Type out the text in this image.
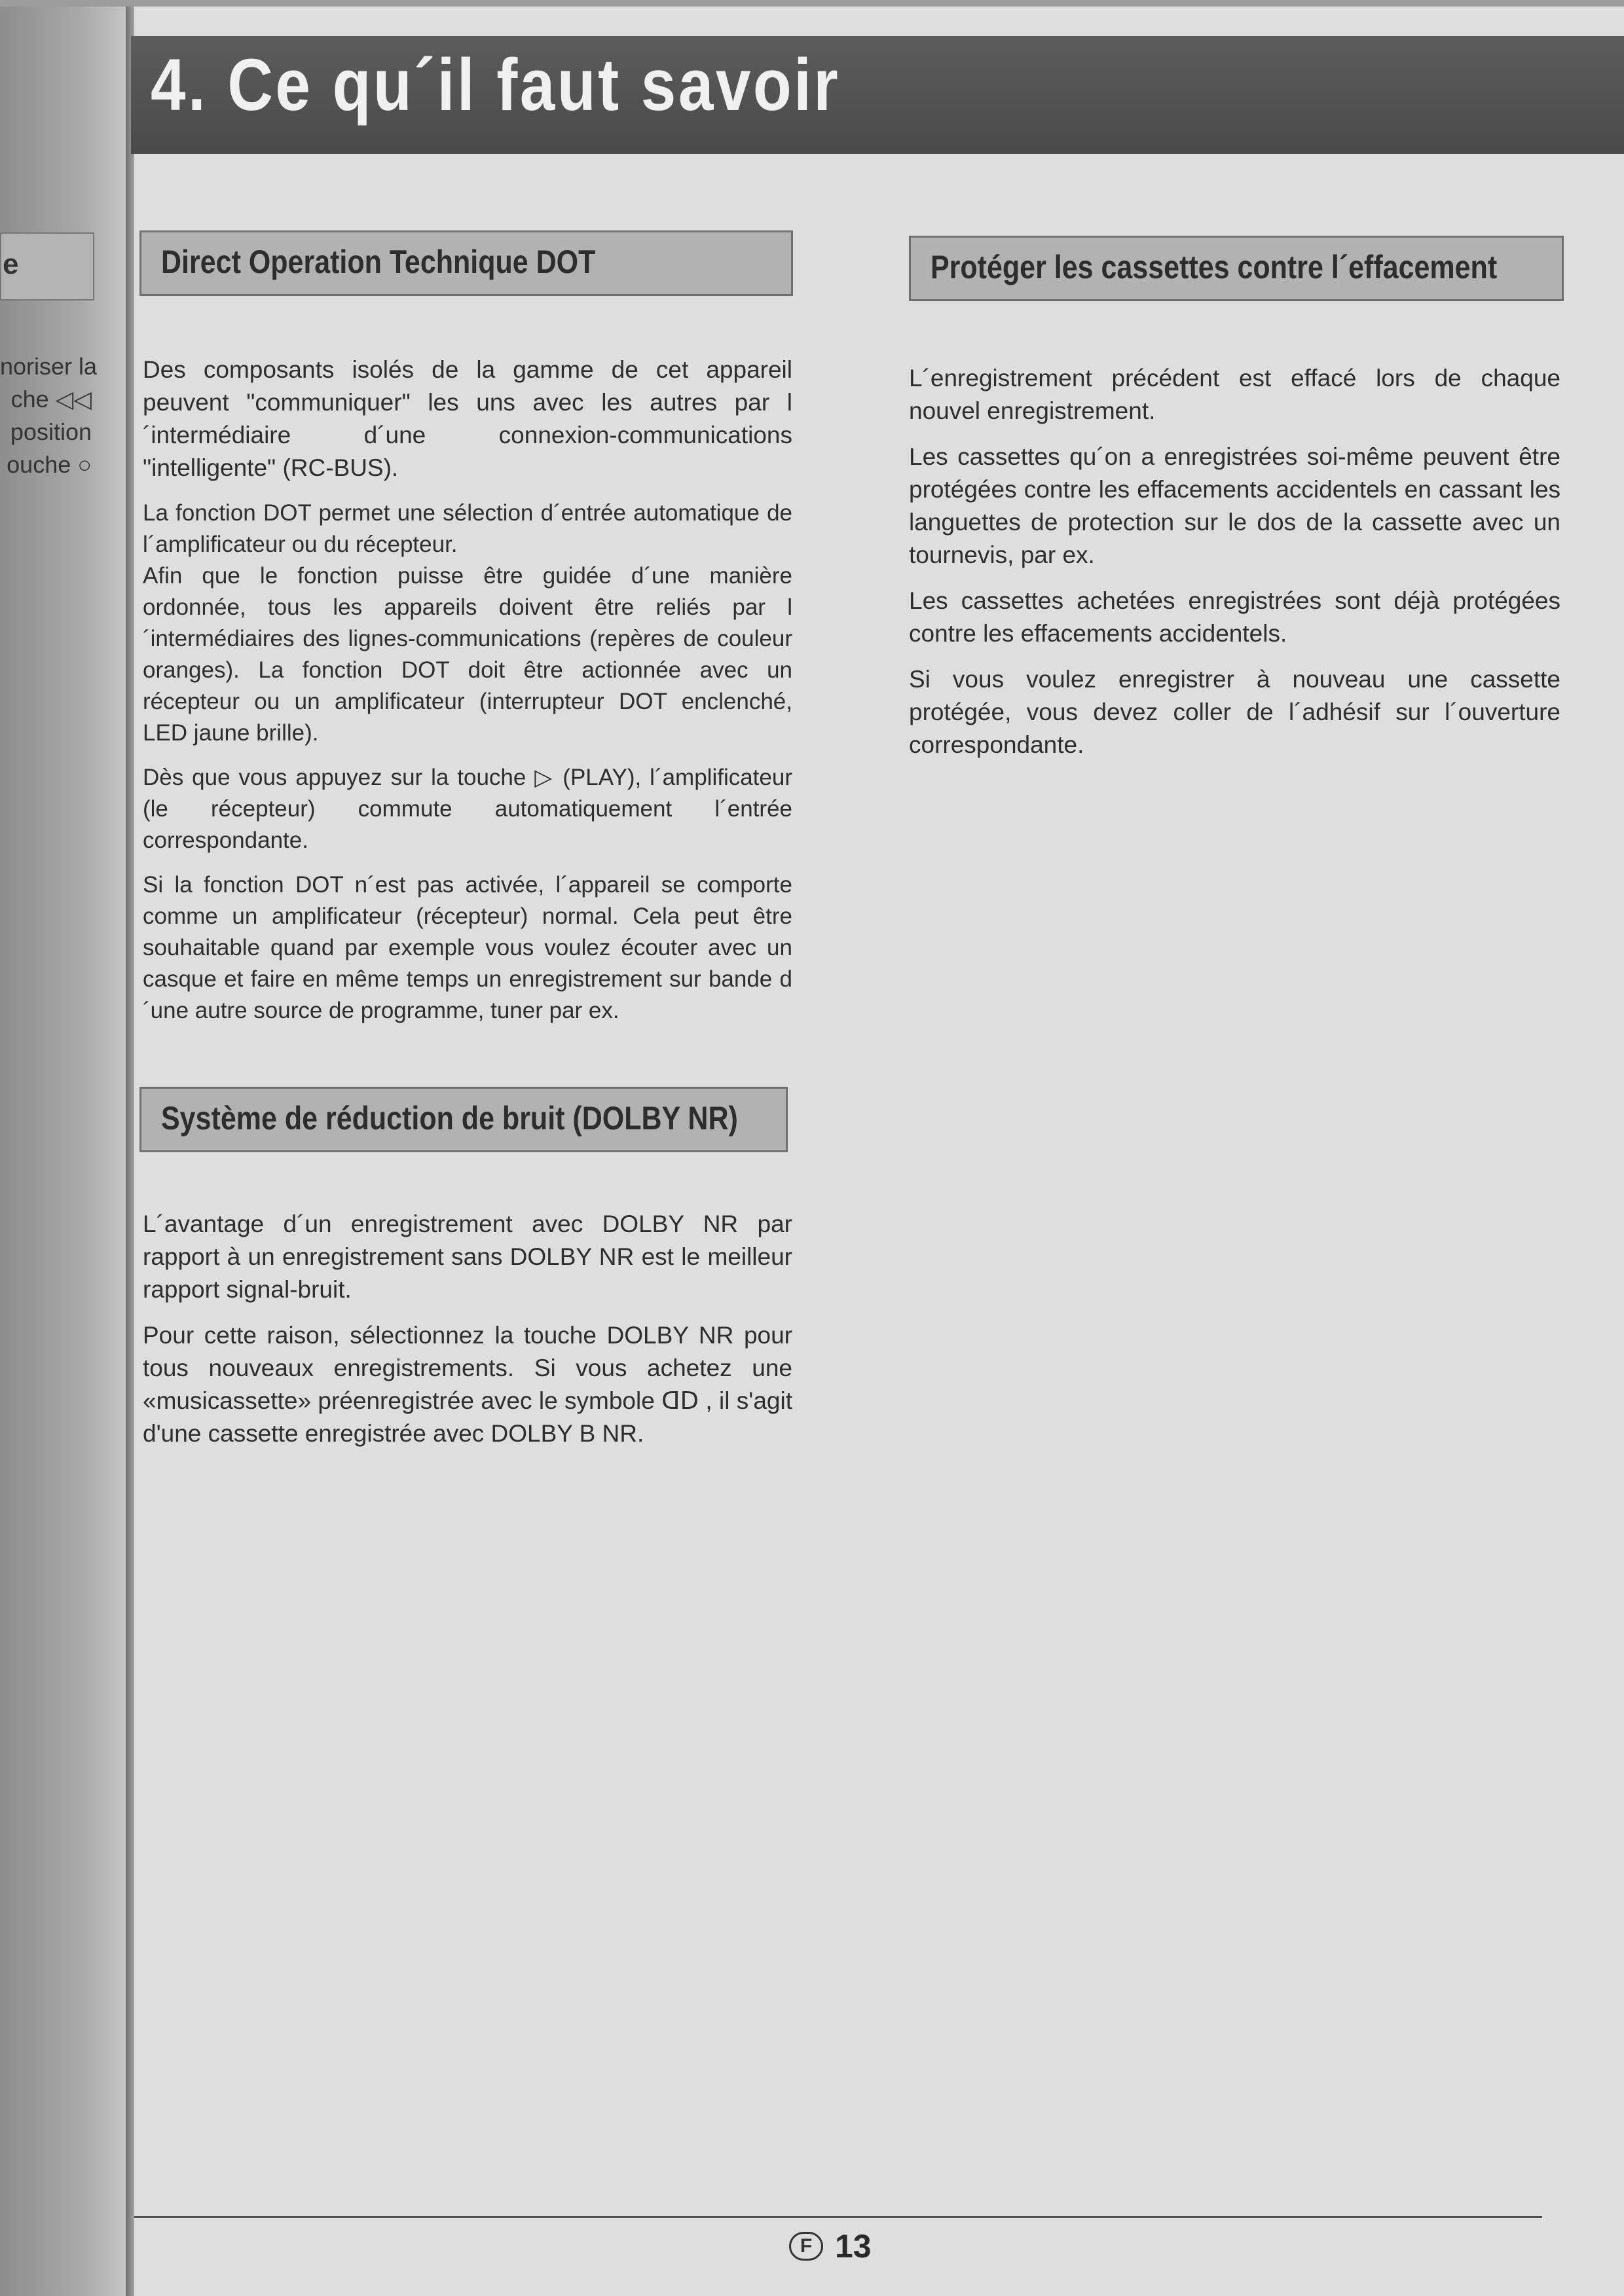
e
noriser la
che ◁◁
position
ouche ○
4. Ce qu´il faut savoir
Direct Operation Technique DOT

Des composants isolés de la gamme de cet appareil peuvent "communiquer" les uns avec les autres par l´intermédiaire d´une connexion-communications "intelligente" (RC-BUS).

La fonction DOT permet une sélection d´entrée automatique de l´amplificateur ou du récepteur.

Afin que le fonction puisse être guidée d´une manière ordonnée, tous les appareils doivent être reliés par l´intermédiaires des lignes-communications (repères de couleur oranges). La fonction DOT doit être actionnée avec un récepteur ou un amplificateur (interrupteur DOT enclenché, LED jaune brille).

Dès que vous appuyez sur la touche ▷ (PLAY), l´amplificateur (le récepteur) commute automatiquement l´entrée correspondante.

Si la fonction DOT n´est pas activée, l´appareil se comporte comme un amplificateur (récepteur) normal. Cela peut être souhaitable quand par exemple vous voulez écouter avec un casque et faire en même temps un enregistrement sur bande d´une autre source de programme, tuner par ex.

Système de réduction de bruit (DOLBY NR)

L´avantage d´un enregistrement avec DOLBY NR par rapport à un enregistrement sans DOLBY NR est le meilleur rapport signal-bruit.

Pour cette raison, sélectionnez la touche DOLBY NR pour tous nouveaux enregistrements. Si vous achetez une «musicassette» préenregistrée avec le symbole ᗡᗞ , il s'agit d'une cassette enregistrée avec DOLBY B NR.

Protéger les cassettes contre l´effacement

L´enregistrement précédent est effacé lors de chaque nouvel enregistrement.

Les cassettes qu´on a enregistrées soi-même peuvent être protégées contre les effacements accidentels en cassant les languettes de protection sur le dos de la cassette avec un tournevis, par ex.

Les cassettes achetées enregistrées sont déjà protégées contre les effacements accidentels.

Si vous voulez enregistrer à nouveau une cassette protégée, vous devez coller de l´adhésif sur l´ouverture correspondante.

F 13
